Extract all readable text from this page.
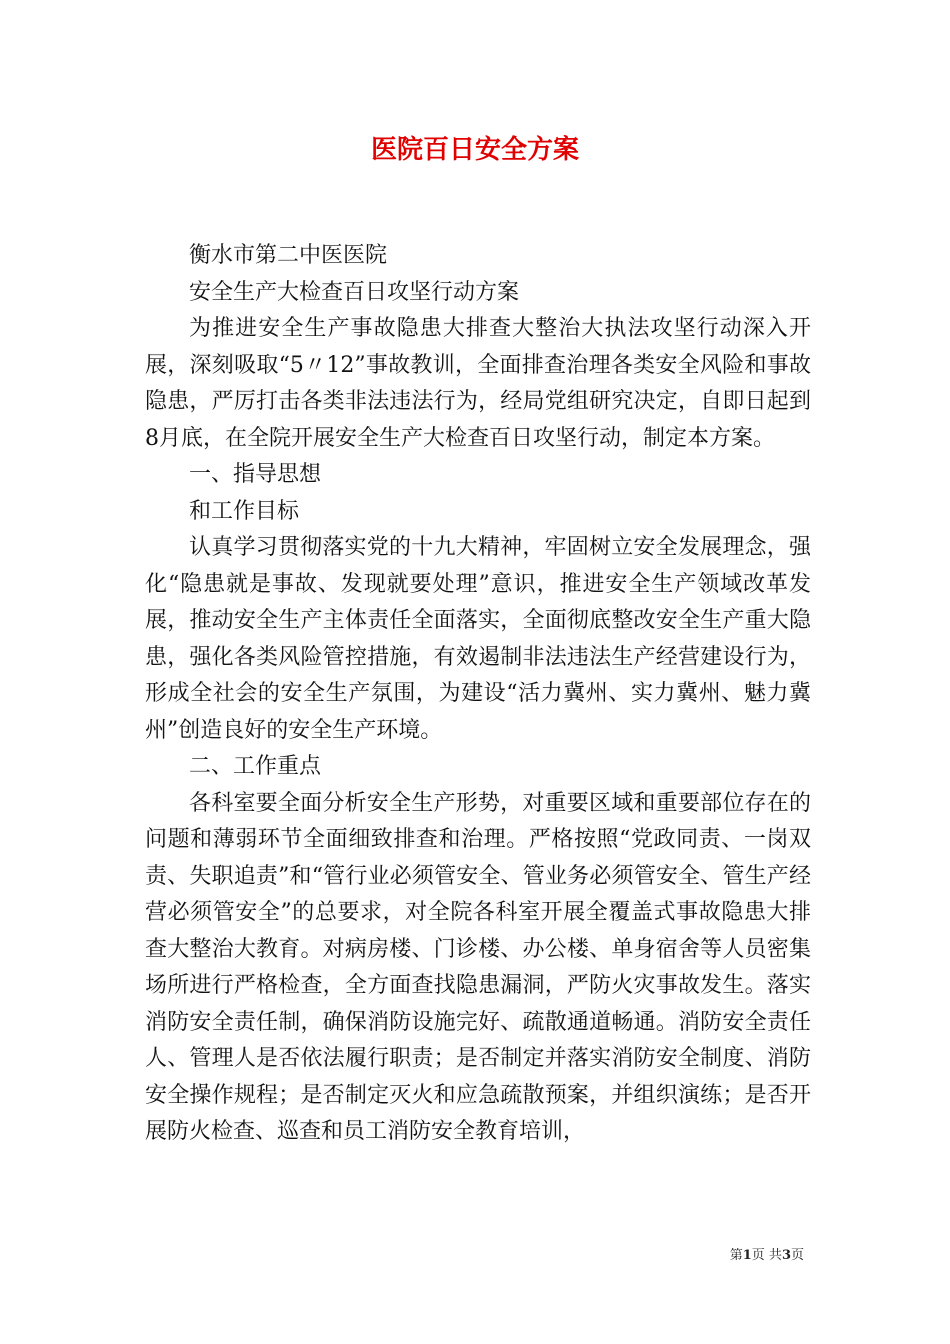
医院百日安全方案

衡水市第二中医医院

安全生产大检查百日攻坚行动方案

为推进安全生产事故隐患大排查大整治大执法攻坚行动深入开展，深刻吸取“5〃12”事故教训，全面排查治理各类安全风险和事故隐患，严厉打击各类非法违法行为，经局党组研究决定，自即日起到8月底，在全院开展安全生产大检查百日攻坚行动，制定本方案。

一、指导思想

和工作目标

认真学习贯彻落实党的十九大精神，牢固树立安全发展理念，强化“隐患就是事故、发现就要处理”意识，推进安全生产领域改革发展，推动安全生产主体责任全面落实，全面彻底整改安全生产重大隐患，强化各类风险管控措施，有效遏制非法违法生产经营建设行为，形成全社会的安全生产氛围，为建设“活力冀州、实力冀州、魅力冀州”创造良好的安全生产环境。

二、工作重点

各科室要全面分析安全生产形势，对重要区域和重要部位存在的问题和薄弱环节全面细致排查和治理。严格按照“党政同责、一岗双责、失职追责”和“管行业必须管安全、管业务必须管安全、管生产经营必须管安全”的总要求，对全院各科室开展全覆盖式事故隐患大排查大整治大教育。对病房楼、门诊楼、办公楼、单身宿舍等人员密集场所进行严格检查，全方面查找隐患漏洞，严防火灾事故发生。落实消防安全责任制，确保消防设施完好、疏散通道畅通。消防安全责任人、管理人是否依法履行职责；是否制定并落实消防安全制度、消防安全操作规程；是否制定灭火和应急疏散预案，并组织演练；是否开展防火检查、巡查和员工消防安全教育培训，

第1页 共3页
